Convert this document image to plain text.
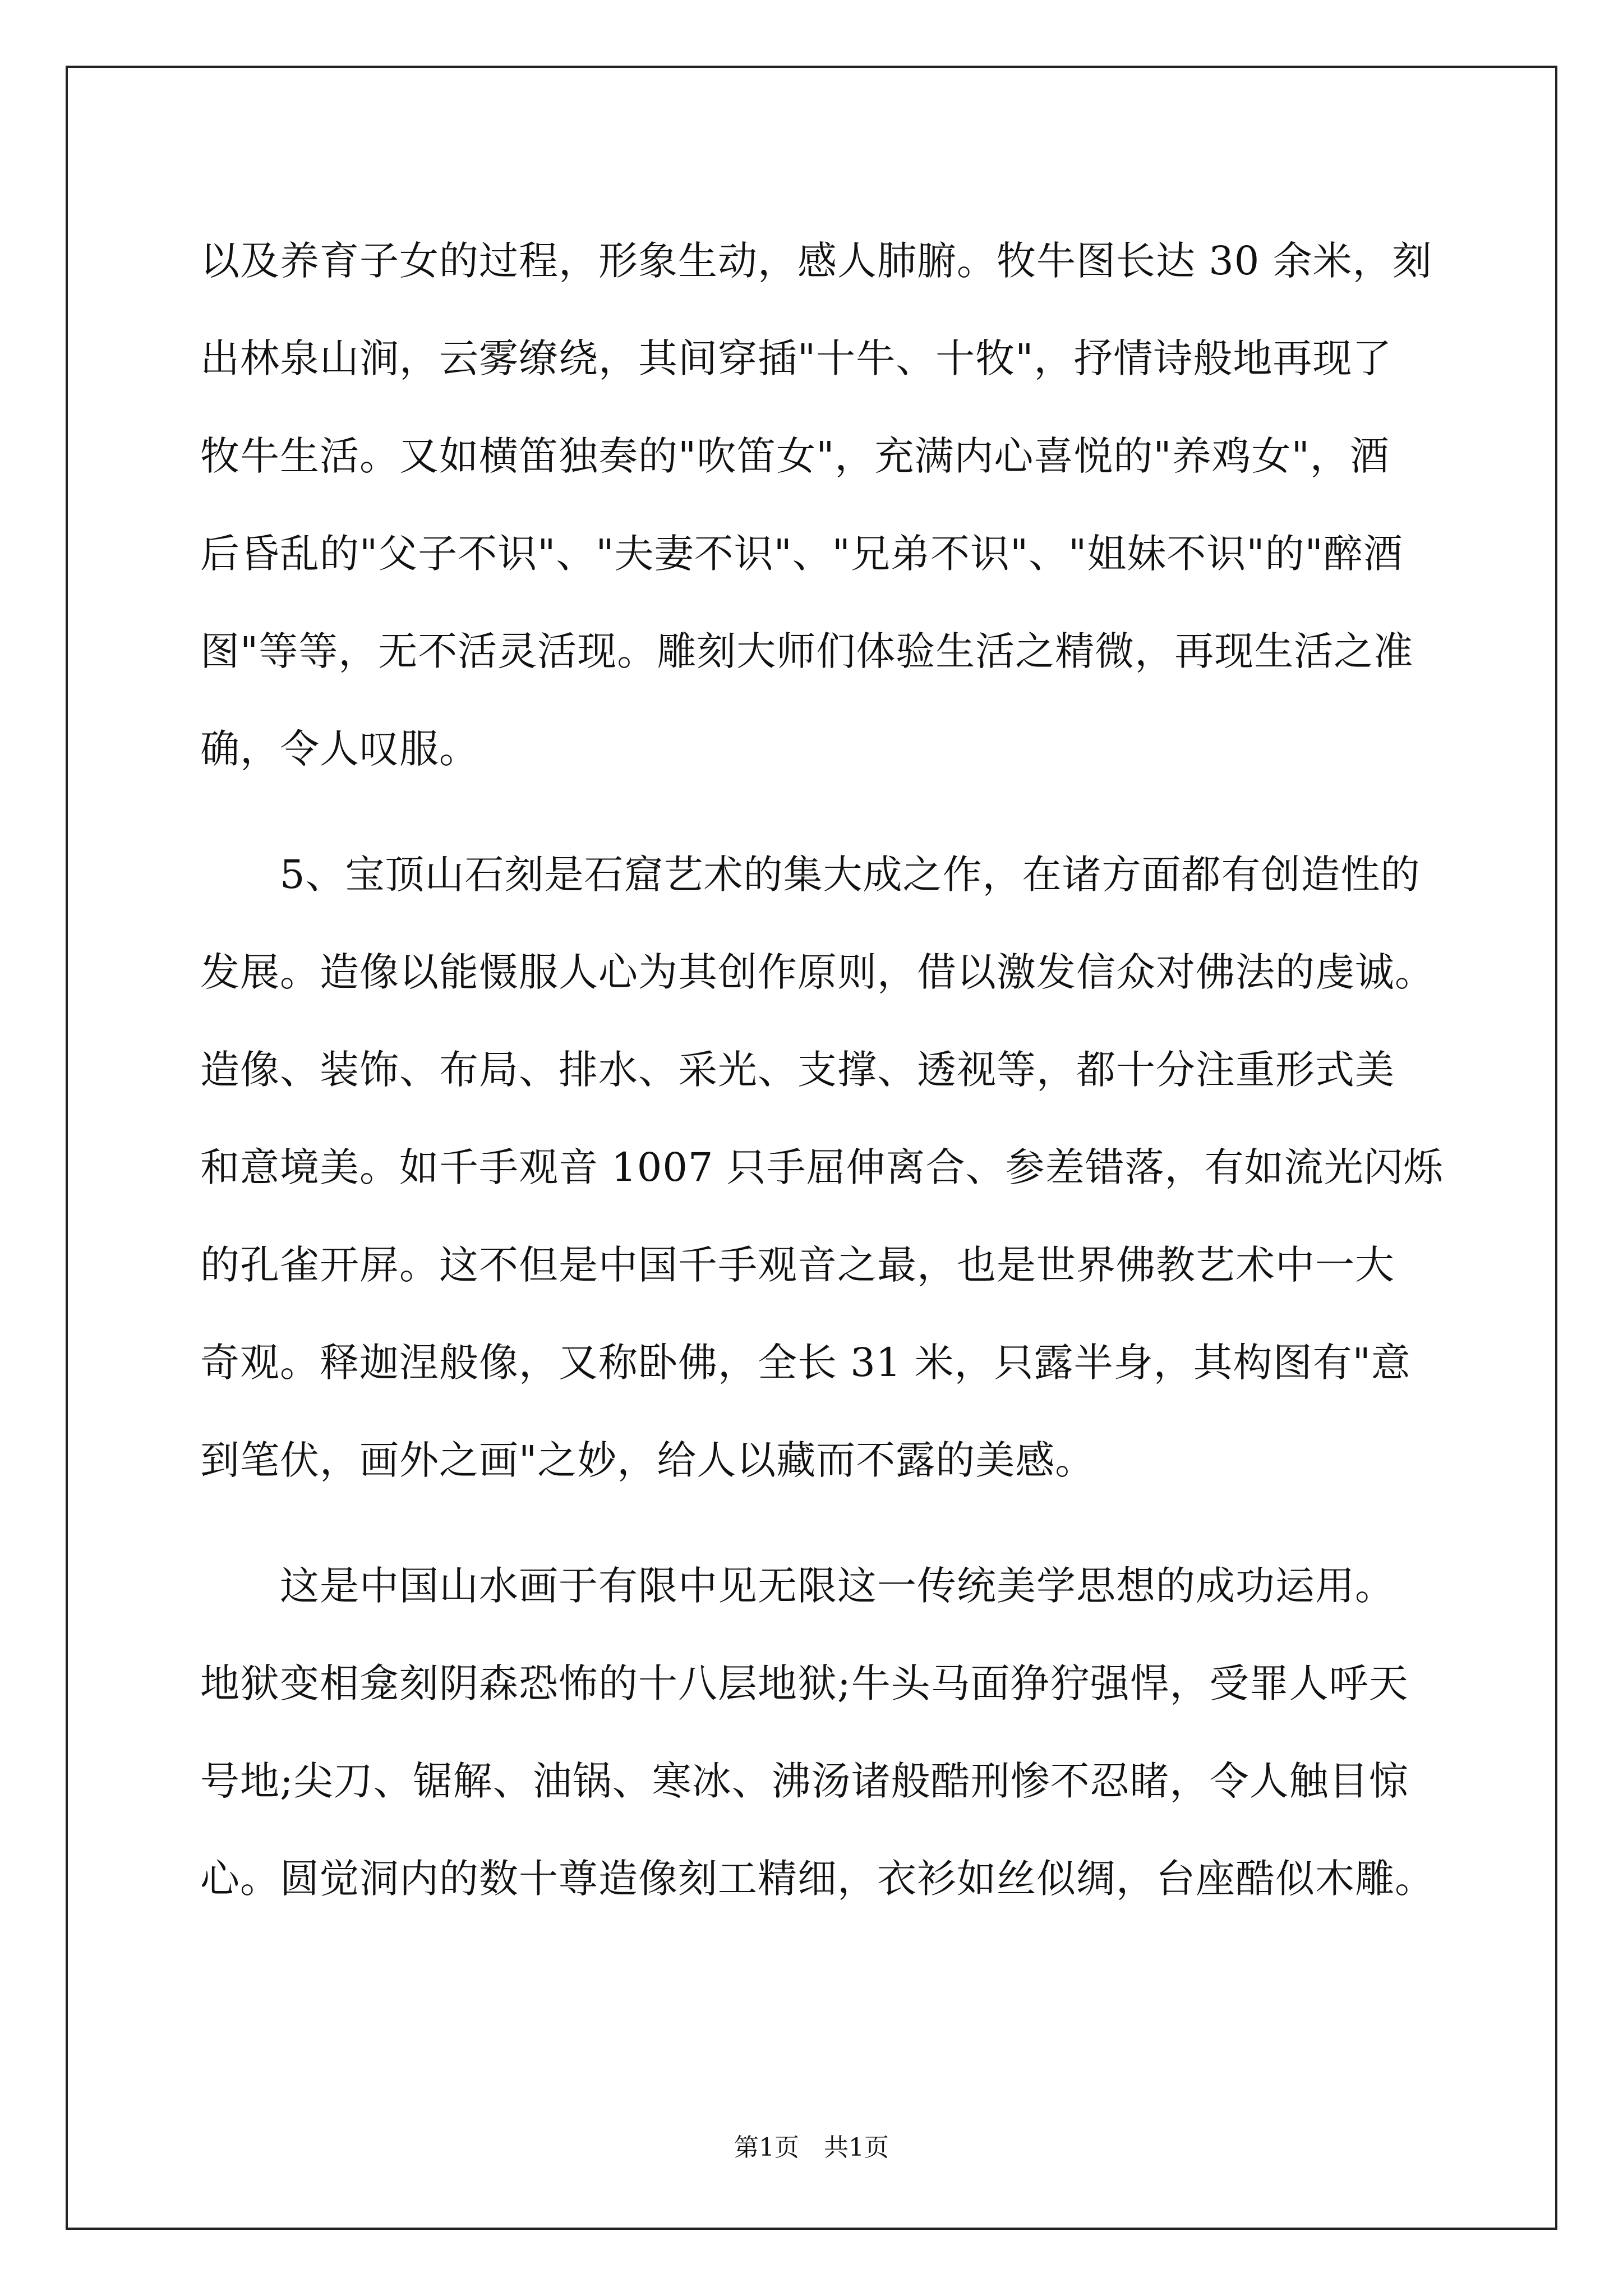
以及养育子女的过程，形象生动，感人肺腑。牧牛图长达 30 余米，刻
出林泉山涧，云雾缭绕，其间穿插"十牛、十牧"，抒情诗般地再现了
牧牛生活。又如横笛独奏的"吹笛女"，充满内心喜悦的"养鸡女"，酒
后昏乱的"父子不识"、"夫妻不识"、"兄弟不识"、"姐妹不识"的"醉酒
图"等等，无不活灵活现。雕刻大师们体验生活之精微，再现生活之准
确，令人叹服。
　　5、宝顶山石刻是石窟艺术的集大成之作，在诸方面都有创造性的
发展。造像以能慑服人心为其创作原则，借以激发信众对佛法的虔诚。
造像、装饰、布局、排水、采光、支撑、透视等，都十分注重形式美
和意境美。如千手观音 1007 只手屈伸离合、参差错落，有如流光闪烁
的孔雀开屏。这不但是中国千手观音之最，也是世界佛教艺术中一大
奇观。释迦涅般像，又称卧佛，全长 31 米，只露半身，其构图有"意
到笔伏，画外之画"之妙，给人以藏而不露的美感。
　　这是中国山水画于有限中见无限这一传统美学思想的成功运用。
地狱变相龛刻阴森恐怖的十八层地狱;牛头马面狰狞强悍，受罪人呼天
号地;尖刀、锯解、油锅、寒冰、沸汤诸般酷刑惨不忍睹，令人触目惊
心。圆觉洞内的数十尊造像刻工精细，衣衫如丝似绸，台座酷似木雕。
第1页　共1页
